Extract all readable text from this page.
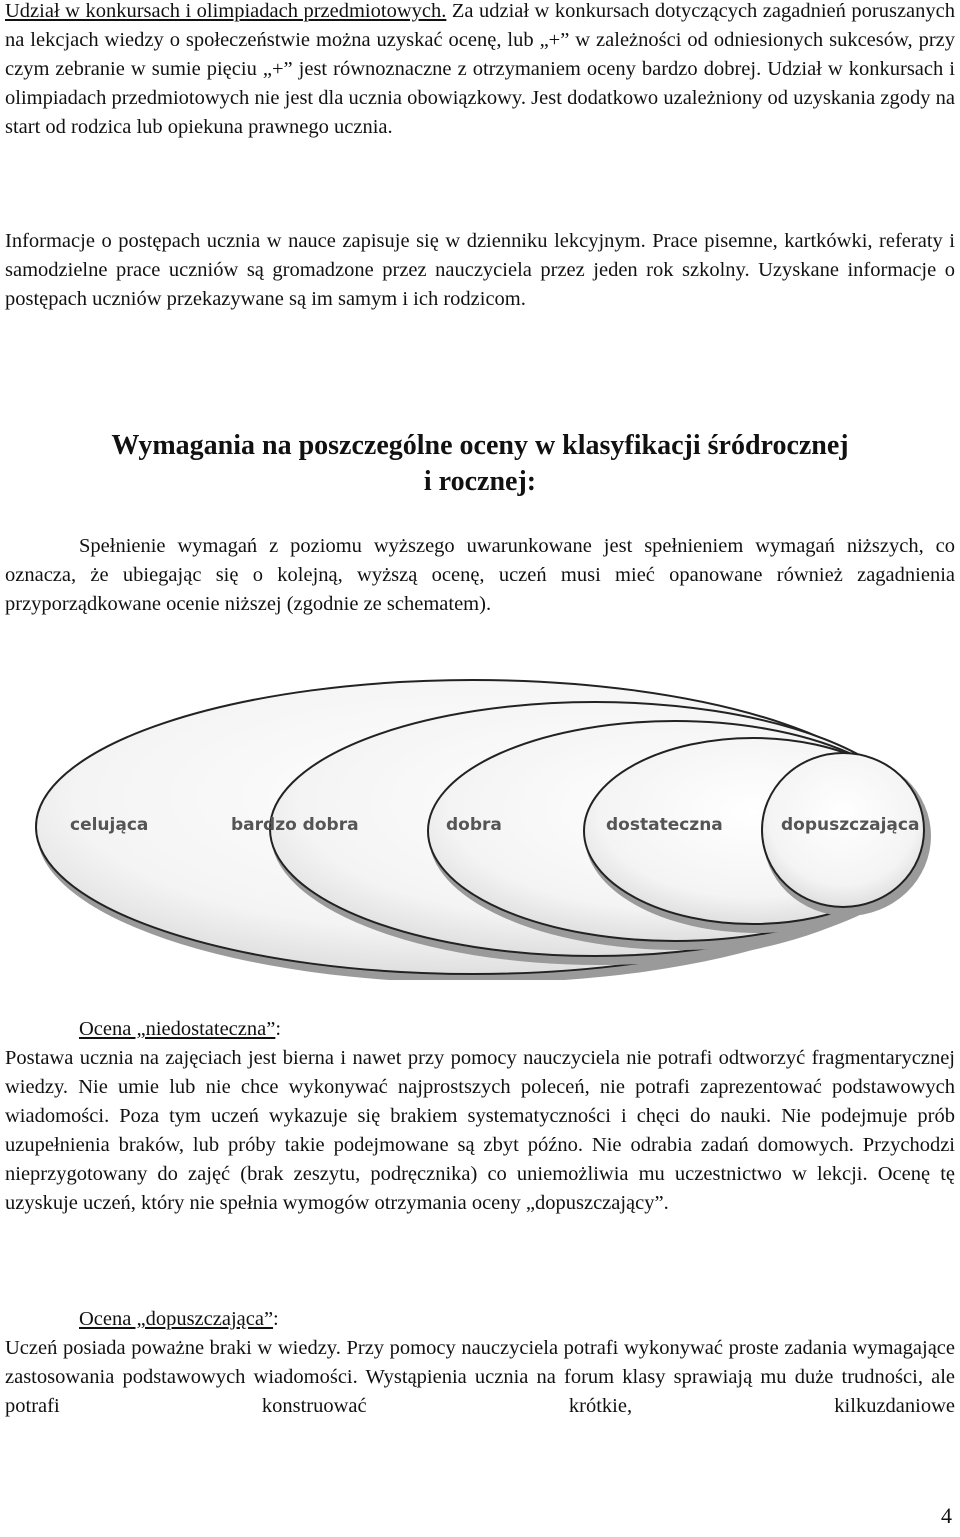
Udział w konkursach i olimpiadach przedmiotowych. Za udział w konkursach dotyczących zagadnień poruszanych na lekcjach wiedzy o społeczeństwie można uzyskać ocenę, lub „+” w zależności od odniesionych sukcesów, przy czym zebranie w sumie pięciu „+” jest równoznaczne z otrzymaniem oceny bardzo dobrej. Udział w konkursach i olimpiadach przedmiotowych nie jest dla ucznia obowiązkowy. Jest dodatkowo uzależniony od uzyskania zgody na start od rodzica lub opiekuna prawnego ucznia.
Informacje o postępach ucznia w nauce zapisuje się w dzienniku lekcyjnym. Prace pisemne, kartkówki, referaty i samodzielne prace uczniów są gromadzone przez nauczyciela przez jeden rok szkolny. Uzyskane informacje o postępach uczniów przekazywane są im samym i ich rodzicom.
Wymagania na poszczególne oceny w klasyfikacji śródrocznej
i rocznej:
Spełnienie wymagań z poziomu wyższego uwarunkowane jest spełnieniem wymagań niższych, co oznacza, że ubiegając się o kolejną, wyższą ocenę, uczeń musi mieć opanowane również zagadnienia przyporządkowane ocenie niższej (zgodnie ze schematem).
celująca	bardzo dobra	dobra	dostateczna	dopuszczająca
Ocena „niedostateczna”:
Postawa ucznia na zajęciach jest bierna i nawet przy pomocy nauczyciela nie potrafi odtworzyć fragmentarycznej wiedzy. Nie umie lub nie chce wykonywać najprostszych poleceń, nie potrafi zaprezentować podstawowych wiadomości. Poza tym uczeń wykazuje się brakiem systematyczności i chęci do nauki. Nie podejmuje prób uzupełnienia braków, lub próby takie podejmowane są zbyt późno. Nie odrabia zadań domowych. Przychodzi nieprzygotowany do zajęć (brak zeszytu, podręcznika) co uniemożliwia mu uczestnictwo w lekcji. Ocenę tę uzyskuje uczeń, który nie spełnia wymogów otrzymania oceny „dopuszczający”.
Ocena „dopuszczająca”:
Uczeń posiada poważne braki w wiedzy. Przy pomocy nauczyciela potrafi wykonywać proste zadania wymagające zastosowania podstawowych wiadomości. Wystąpienia ucznia na forum klasy sprawiają mu duże trudności, ale potrafi konstruować krótkie, kilkuzdaniowe
4
